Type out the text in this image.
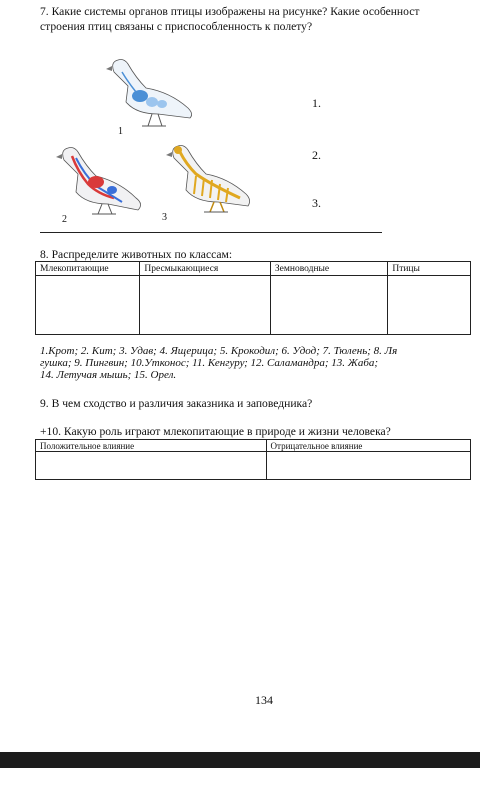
7. Какие системы органов птицы изображены на рисунке? Какие особенност
строения птиц связаны с приспособленность к полету?
1
2	3
1.
2.
3.
8. Распределите животных по классам:
Млекопитающие	Пресмыкающиеся	Земноводные	Птицы

1.Крот; 2. Кит; 3. Удав; 4. Ящерица; 5. Крокодил; 6. Удод; 7. Тюлень; 8. Ля
гушка; 9. Пингвин; 10.Утконос; 11. Кенгуру; 12. Саламандра; 13. Жаба;
14. Летучая мышь; 15. Орел.
9. В чем сходство и различия заказника и заповедника?
+10. Какую роль играют млекопитающие в природе и жизни человека?
Положительное влияние	Отрицательное влияние

134
